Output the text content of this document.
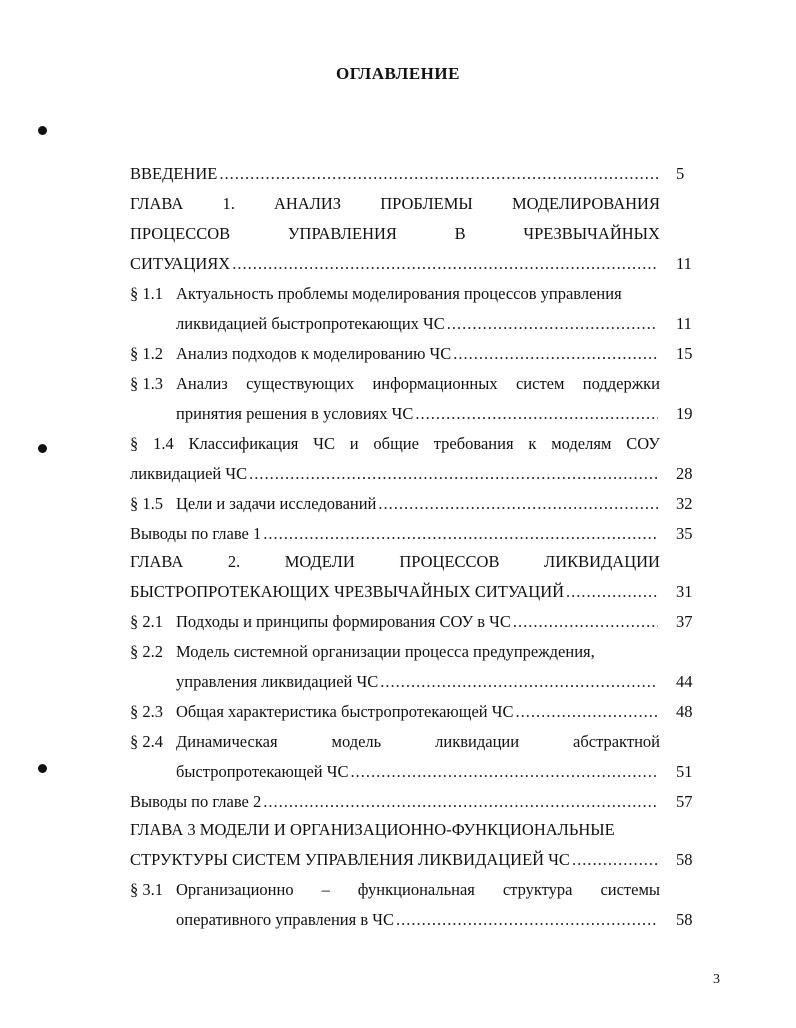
ОГЛАВЛЕНИЕ
ВВЕДЕНИЕ .....	5
ГЛАВА 1. АНАЛИЗ ПРОБЛЕМЫ МОДЕЛИРОВАНИЯ
ПРОЦЕССОВ	УПРАВЛЕНИЯ	В	ЧРЕЗВЫЧАЙНЫХ
СИТУАЦИЯХ .....	11
§ 1.1 Актуальность проблемы моделирования процессов управления
ликвидацией быстропротекающих ЧС .....	11
§ 1.2 Анализ подходов к моделированию ЧС .....	15
§ 1.3 Анализ существующих информационных систем поддержки
принятия решения в условиях ЧС .....	19
§ 1.4 Классификация ЧС и общие требования к моделям СОУ
ликвидацией ЧС .....	28
§ 1.5 Цели и задачи исследований .....	32
Выводы по главе 1 .....	35
ГЛАВА	2.	МОДЕЛИ	ПРОЦЕССОВ	ЛИКВИДАЦИИ
БЫСТРОПРОТЕКАЮЩИХ ЧРЕЗВЫЧАЙНЫХ СИТУАЦИЙ .....	31
§ 2.1 Подходы и принципы формирования СОУ в ЧС .....	37
§ 2.2 Модель системной организации процесса предупреждения,
управления ликвидацией ЧС .....	44
§ 2.3 Общая характеристика быстропротекающей ЧС .....	48
§ 2.4 Динамическая	модель	ликвидации	абстрактной
быстропротекающей ЧС .....	51
Выводы по главе 2 .....	57
ГЛАВА 3 МОДЕЛИ И ОРГАНИЗАЦИОННО-ФУНКЦИОНАЛЬНЫЕ
СТРУКТУРЫ СИСТЕМ УПРАВЛЕНИЯ ЛИКВИДАЦИЕЙ ЧС .....	58
§ 3.1 Организационно – функциональная структура системы
оперативного управления в ЧС .....	58
3
